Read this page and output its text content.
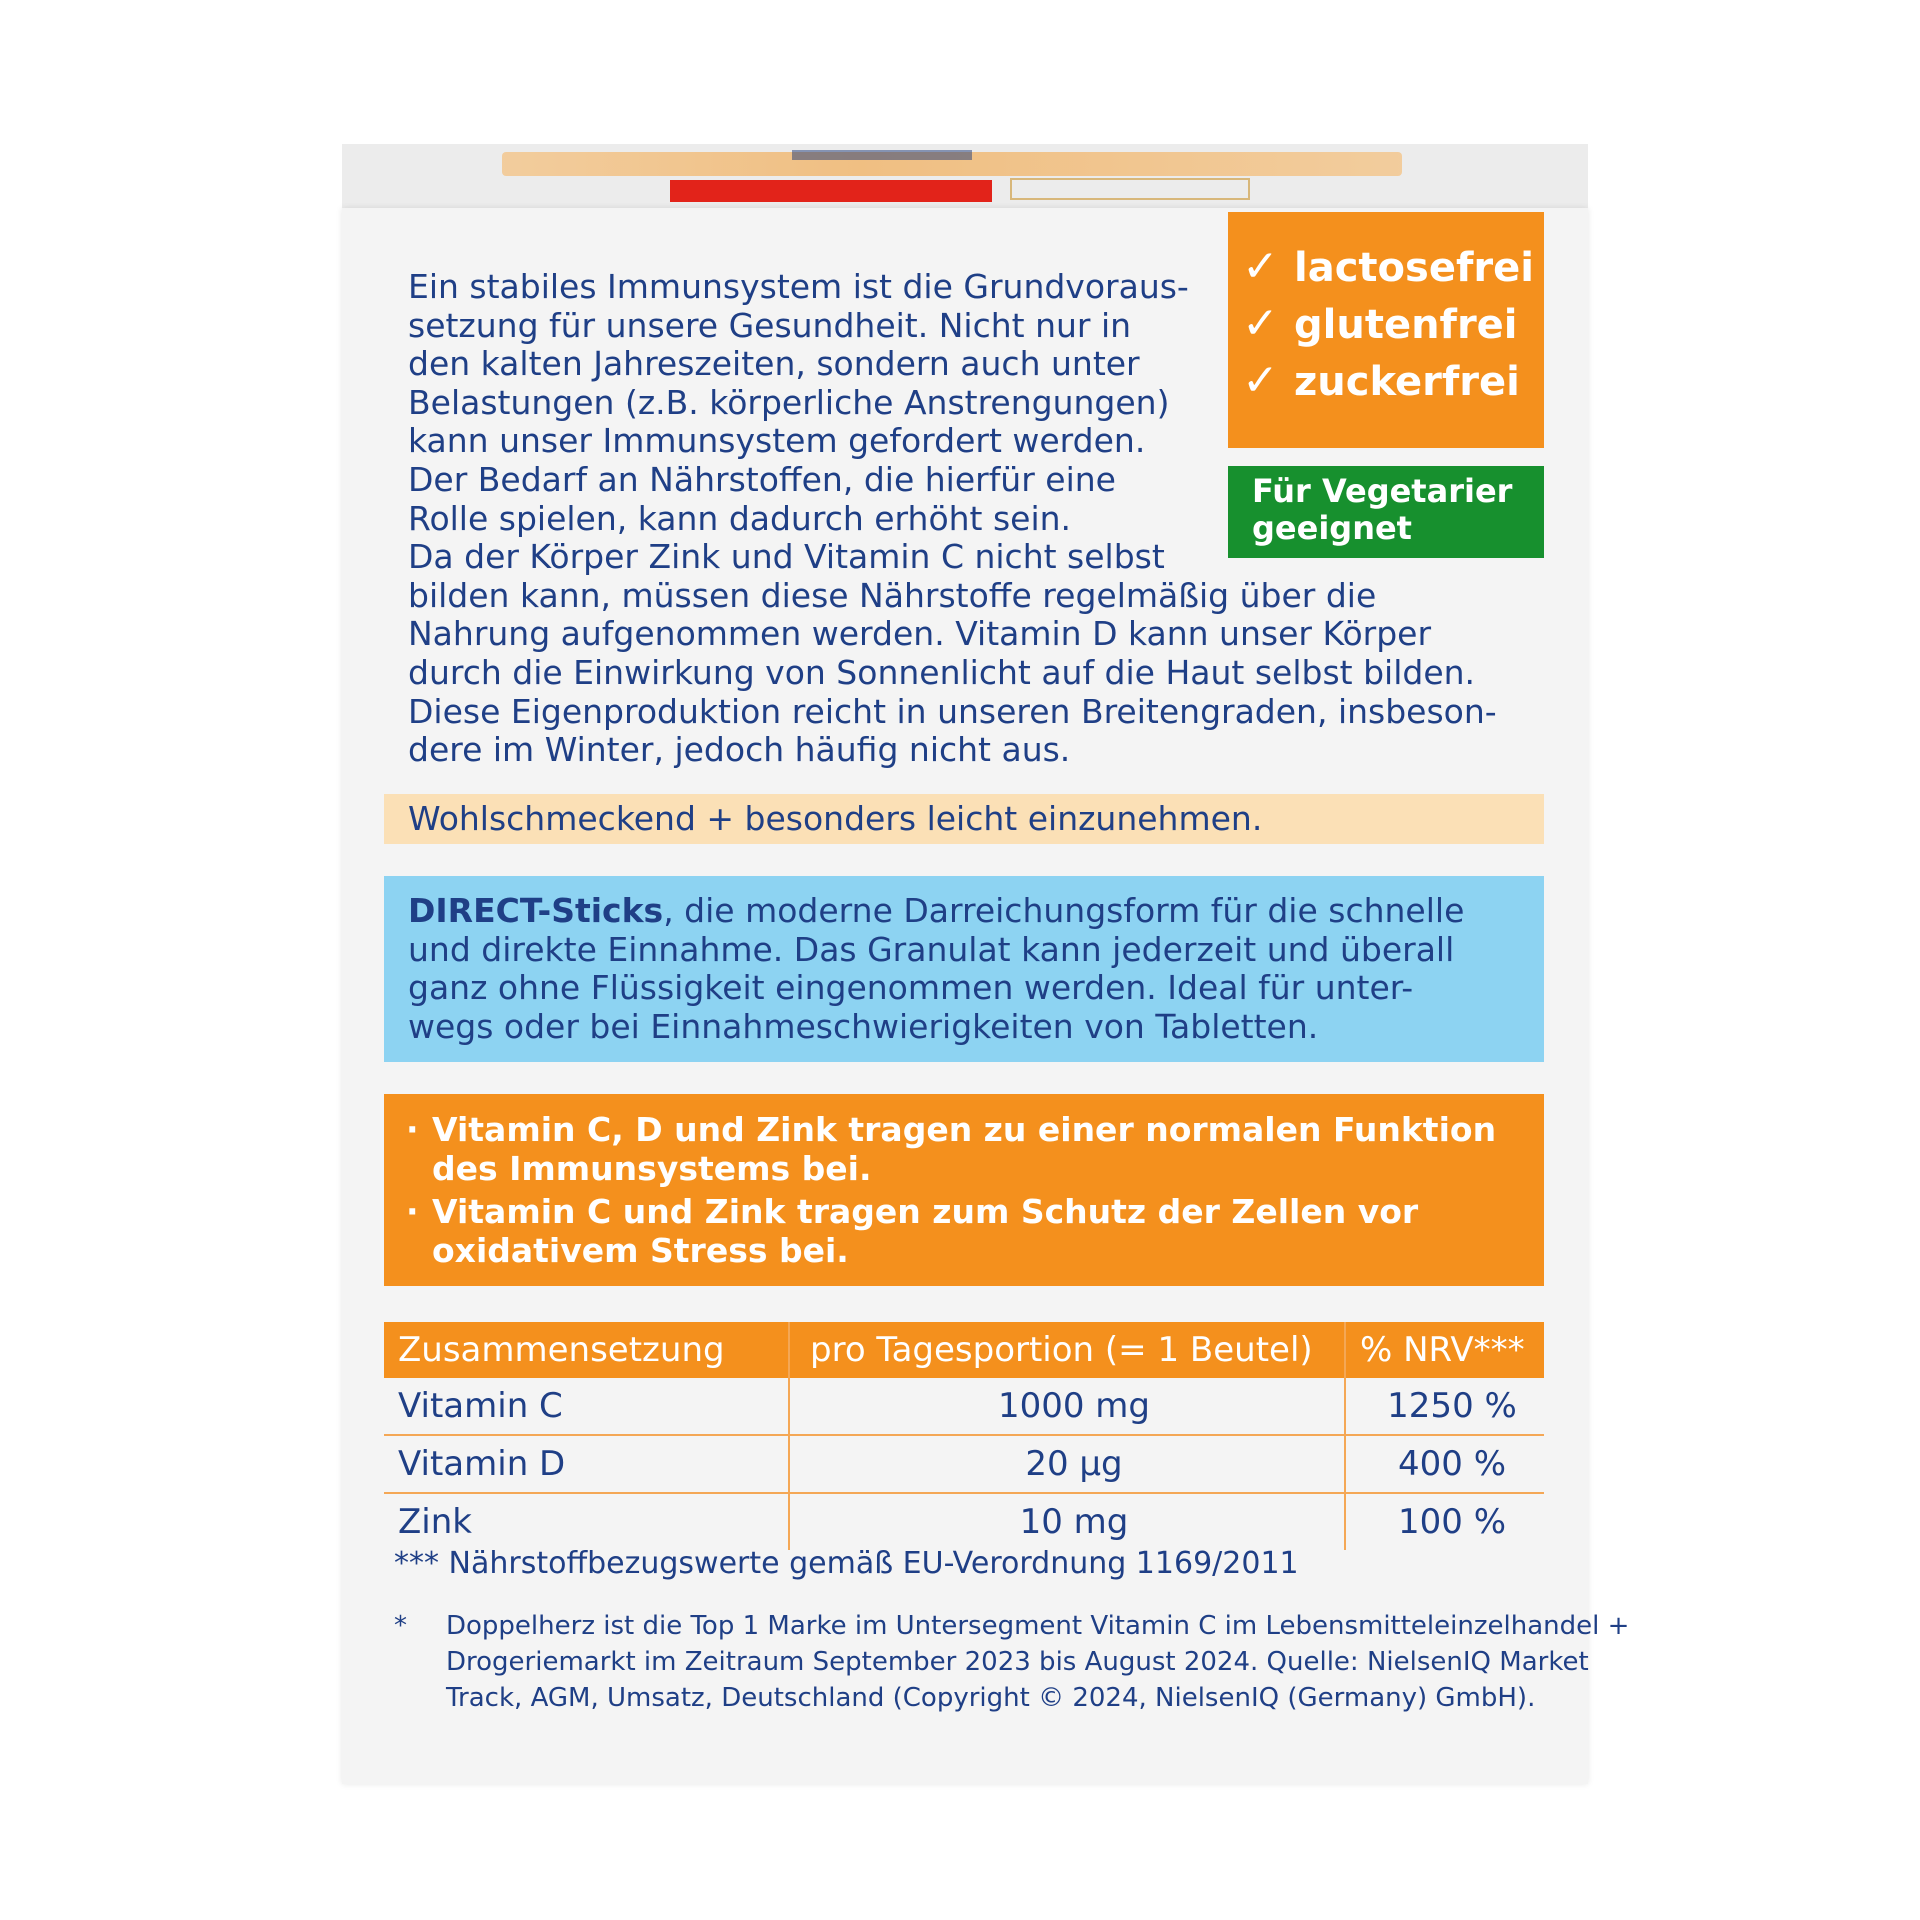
Ein stabiles Immunsystem ist die Grundvoraus-
setzung für unsere Gesundheit. Nicht nur in
den kalten Jahreszeiten, sondern auch unter
Belastungen (z.B. körperliche Anstrengungen)
kann unser Immunsystem gefordert werden.
Der Bedarf an Nährstoffen, die hierfür eine
Rolle spielen, kann dadurch erhöht sein.
Da der Körper Zink und Vitamin C nicht selbst
bilden kann, müssen diese Nährstoffe regelmäßig über die
Nahrung aufgenommen werden. Vitamin D kann unser Körper
durch die Einwirkung von Sonnenlicht auf die Haut selbst bilden.
Diese Eigenproduktion reicht in unseren Breitengraden, insbeson-
dere im Winter, jedoch häufig nicht aus.
✓ lactosefrei
✓ glutenfrei
✓ zuckerfrei
Für Vegetarier
geeignet
Wohlschmeckend + besonders leicht einzunehmen.
DIRECT-Sticks, die moderne Darreichungsform für die schnelle
und direkte Einnahme. Das Granulat kann jederzeit und überall
ganz ohne Flüssigkeit eingenommen werden. Ideal für unter-
wegs oder bei Einnahmeschwierigkeiten von Tabletten.
· Vitamin C, D und Zink tragen zu einer normalen Funktion
des Immunsystems bei.
· Vitamin C und Zink tragen zum Schutz der Zellen vor
oxidativem Stress bei.
Zusammensetzung	pro Tagesportion (= 1 Beutel)	% NRV***
Vitamin C	1000 mg	1250 %
Vitamin D	20 µg	400 %
Zink	10 mg	100 %
*** Nährstoffbezugswerte gemäß EU-Verordnung 1169/2011
* Doppelherz ist die Top 1 Marke im Untersegment Vitamin C im Lebensmitteleinzelhandel +
Drogeriemarkt im Zeitraum September 2023 bis August 2024. Quelle: NielsenIQ Market
Track, AGM, Umsatz, Deutschland (Copyright © 2024, NielsenIQ (Germany) GmbH).
